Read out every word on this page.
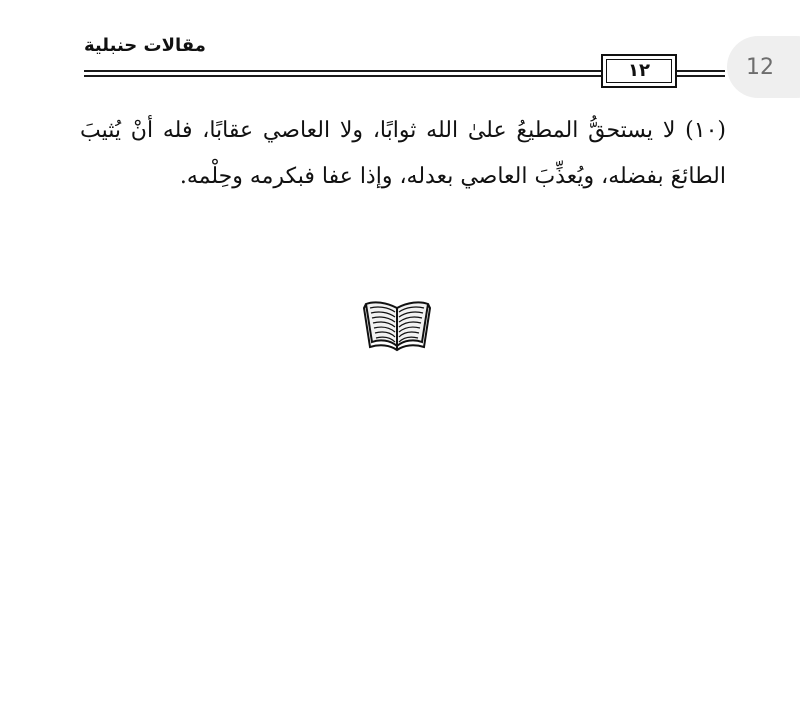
12
مقالات حنبلية
١٢
(١٠) لا يستحقُّ المطيعُ علىٰ الله ثوابًا، ولا العاصي عقابًا، فله أنْ يُثيبَ الطائعَ بفضله، ويُعذِّبَ العاصي بعدله، وإذا عفا فبكرمه وحِلْمه.
